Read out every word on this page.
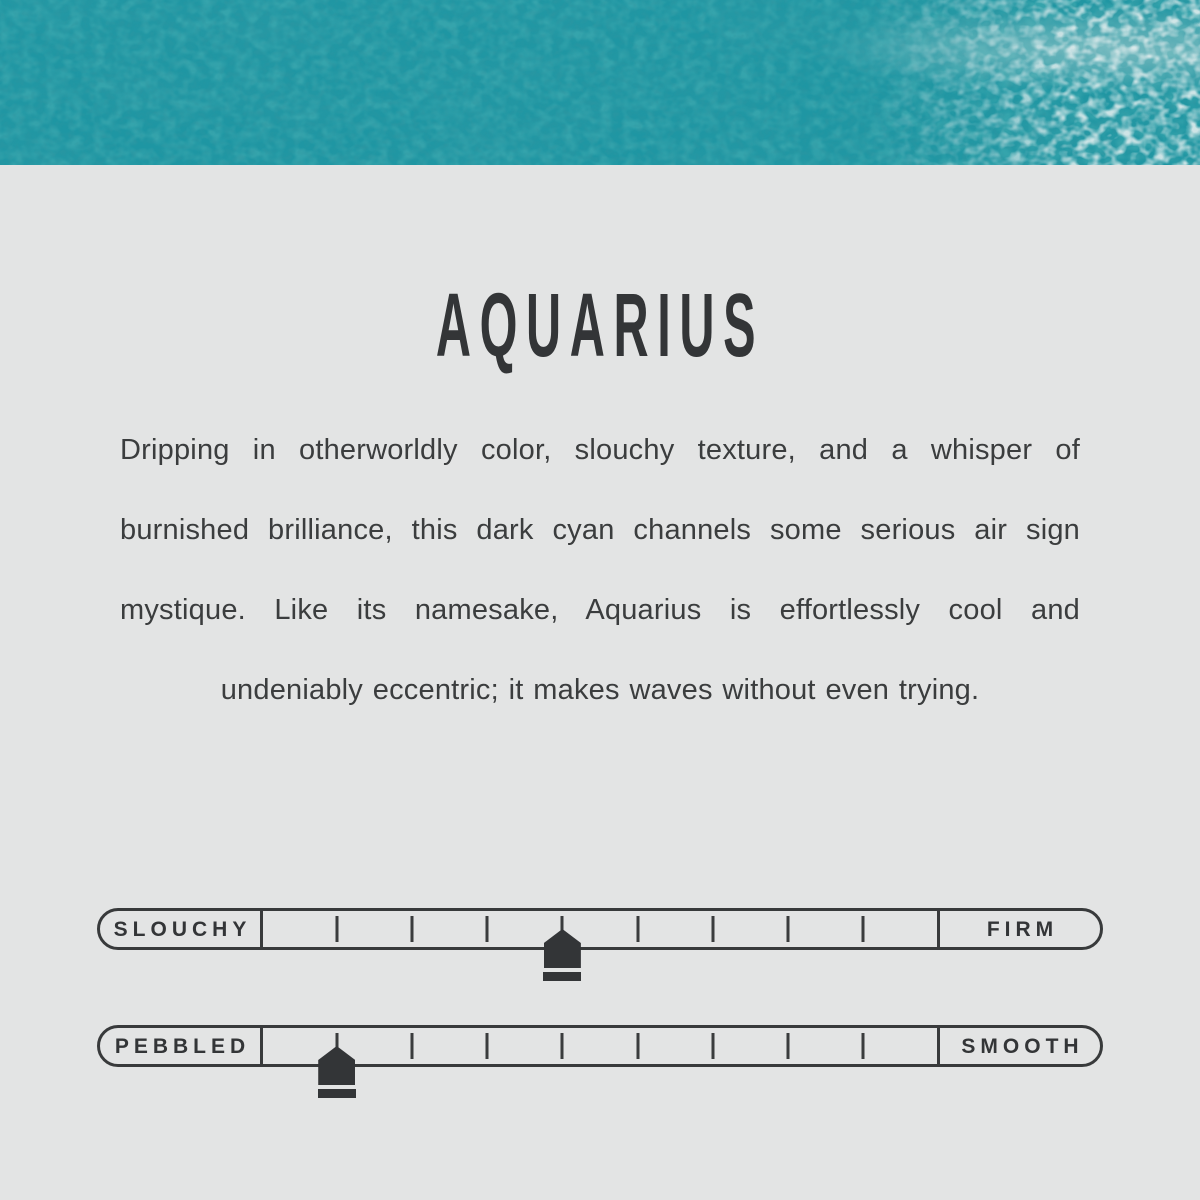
AQUARIUS
Dripping in otherworldly color, slouchy texture, and a whisper of
burnished brilliance, this dark cyan channels some serious air sign
mystique. Like its namesake, Aquarius is effortlessly cool and
undeniably eccentric; it makes waves without even trying.
SLOUCHY	FIRM
PEBBLED	SMOOTH
